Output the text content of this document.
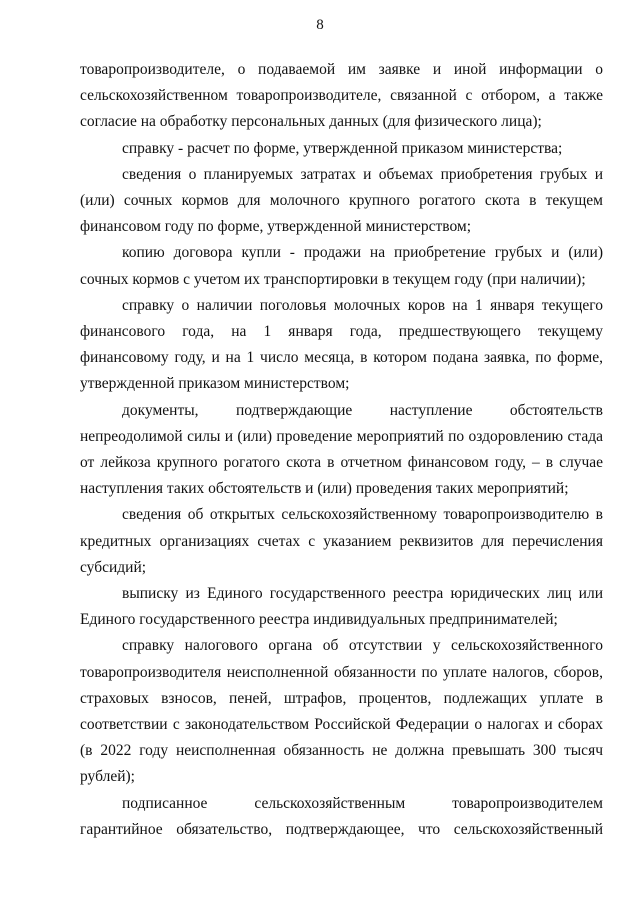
8

товаропроизводителе, о подаваемой им заявке и иной информации о сельскохозяйственном товаропроизводителе, связанной с отбором, а также согласие на обработку персональных данных (для физического лица);

справку - расчет по форме, утвержденной приказом министерства;

сведения о планируемых затратах и объемах приобретения грубых и (или) сочных кормов для молочного крупного рогатого скота в текущем финансовом году по форме, утвержденной министерством;

копию договора купли - продажи на приобретение грубых и (или) сочных кормов с учетом их транспортировки в текущем году (при наличии);

справку о наличии поголовья молочных коров на 1 января текущего финансового года, на 1 января года, предшествующего текущему финансовому году, и на 1 число месяца, в котором подана заявка, по форме, утвержденной приказом министерством;

документы, подтверждающие наступление обстоятельств непреодолимой силы и (или) проведение мероприятий по оздоровлению стада от лейкоза крупного рогатого скота в отчетном финансовом году, – в случае наступления таких обстоятельств и (или) проведения таких мероприятий;

сведения об открытых сельскохозяйственному товаропроизводителю в кредитных организациях счетах с указанием реквизитов для перечисления субсидий;

выписку из Единого государственного реестра юридических лиц или Единого государственного реестра индивидуальных предпринимателей;

справку налогового органа об отсутствии у сельскохозяйственного товаропроизводителя неисполненной обязанности по уплате налогов, сборов, страховых взносов, пеней, штрафов, процентов, подлежащих уплате в соответствии с законодательством Российской Федерации о налогах и сборах (в 2022 году неисполненная обязанность не должна превышать 300 тысяч рублей);

подписанное сельскохозяйственным товаропроизводителем гарантийное обязательство, подтверждающее, что сельскохозяйственный
